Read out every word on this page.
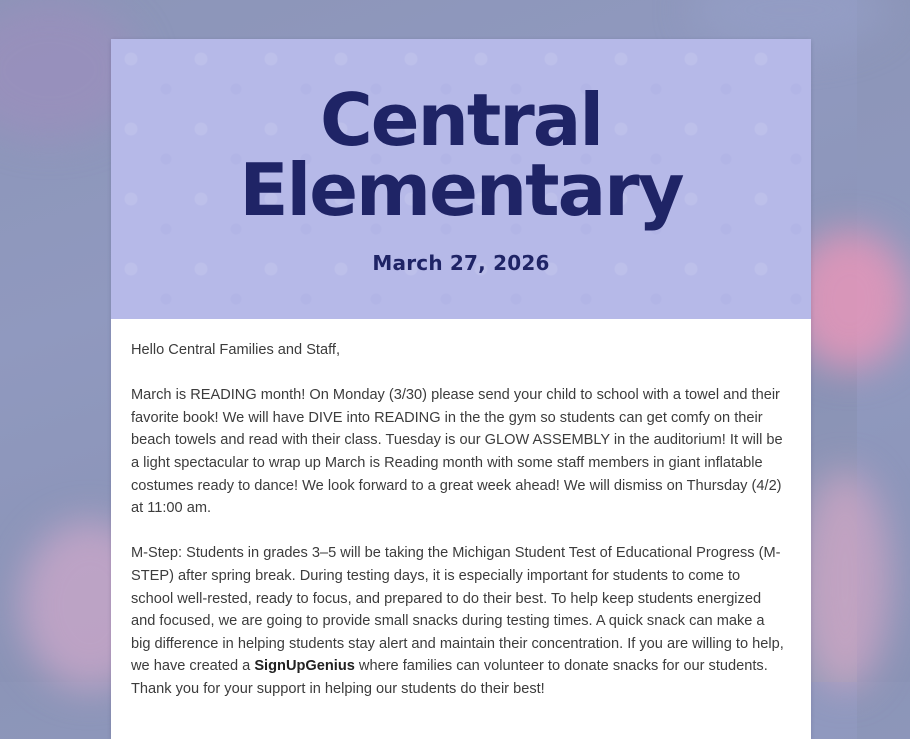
Central
Elementary
March 27, 2026

Hello Central Families and Staff,

March is READING month! On Monday (3/30) please send your child to school with a towel and their favorite book! We will have DIVE into READING in the the gym so students can get comfy on their beach towels and read with their class. Tuesday is our GLOW ASSEMBLY in the auditorium! It will be a light spectacular to wrap up March is Reading month with some staff members in giant inflatable costumes ready to dance! We look forward to a great week ahead! We will dismiss on Thursday (4/2) at 11:00 am.

M-Step: Students in grades 3–5 will be taking the Michigan Student Test of Educational Progress (M-STEP) after spring break. During testing days, it is especially important for students to come to school well-rested, ready to focus, and prepared to do their best. To help keep students energized and focused, we are going to provide small snacks during testing times. A quick snack can make a big difference in helping students stay alert and maintain their concentration. If you are willing to help, we have created a SignUpGenius where families can volunteer to donate snacks for our students. Thank you for your support in helping our students do their best!
